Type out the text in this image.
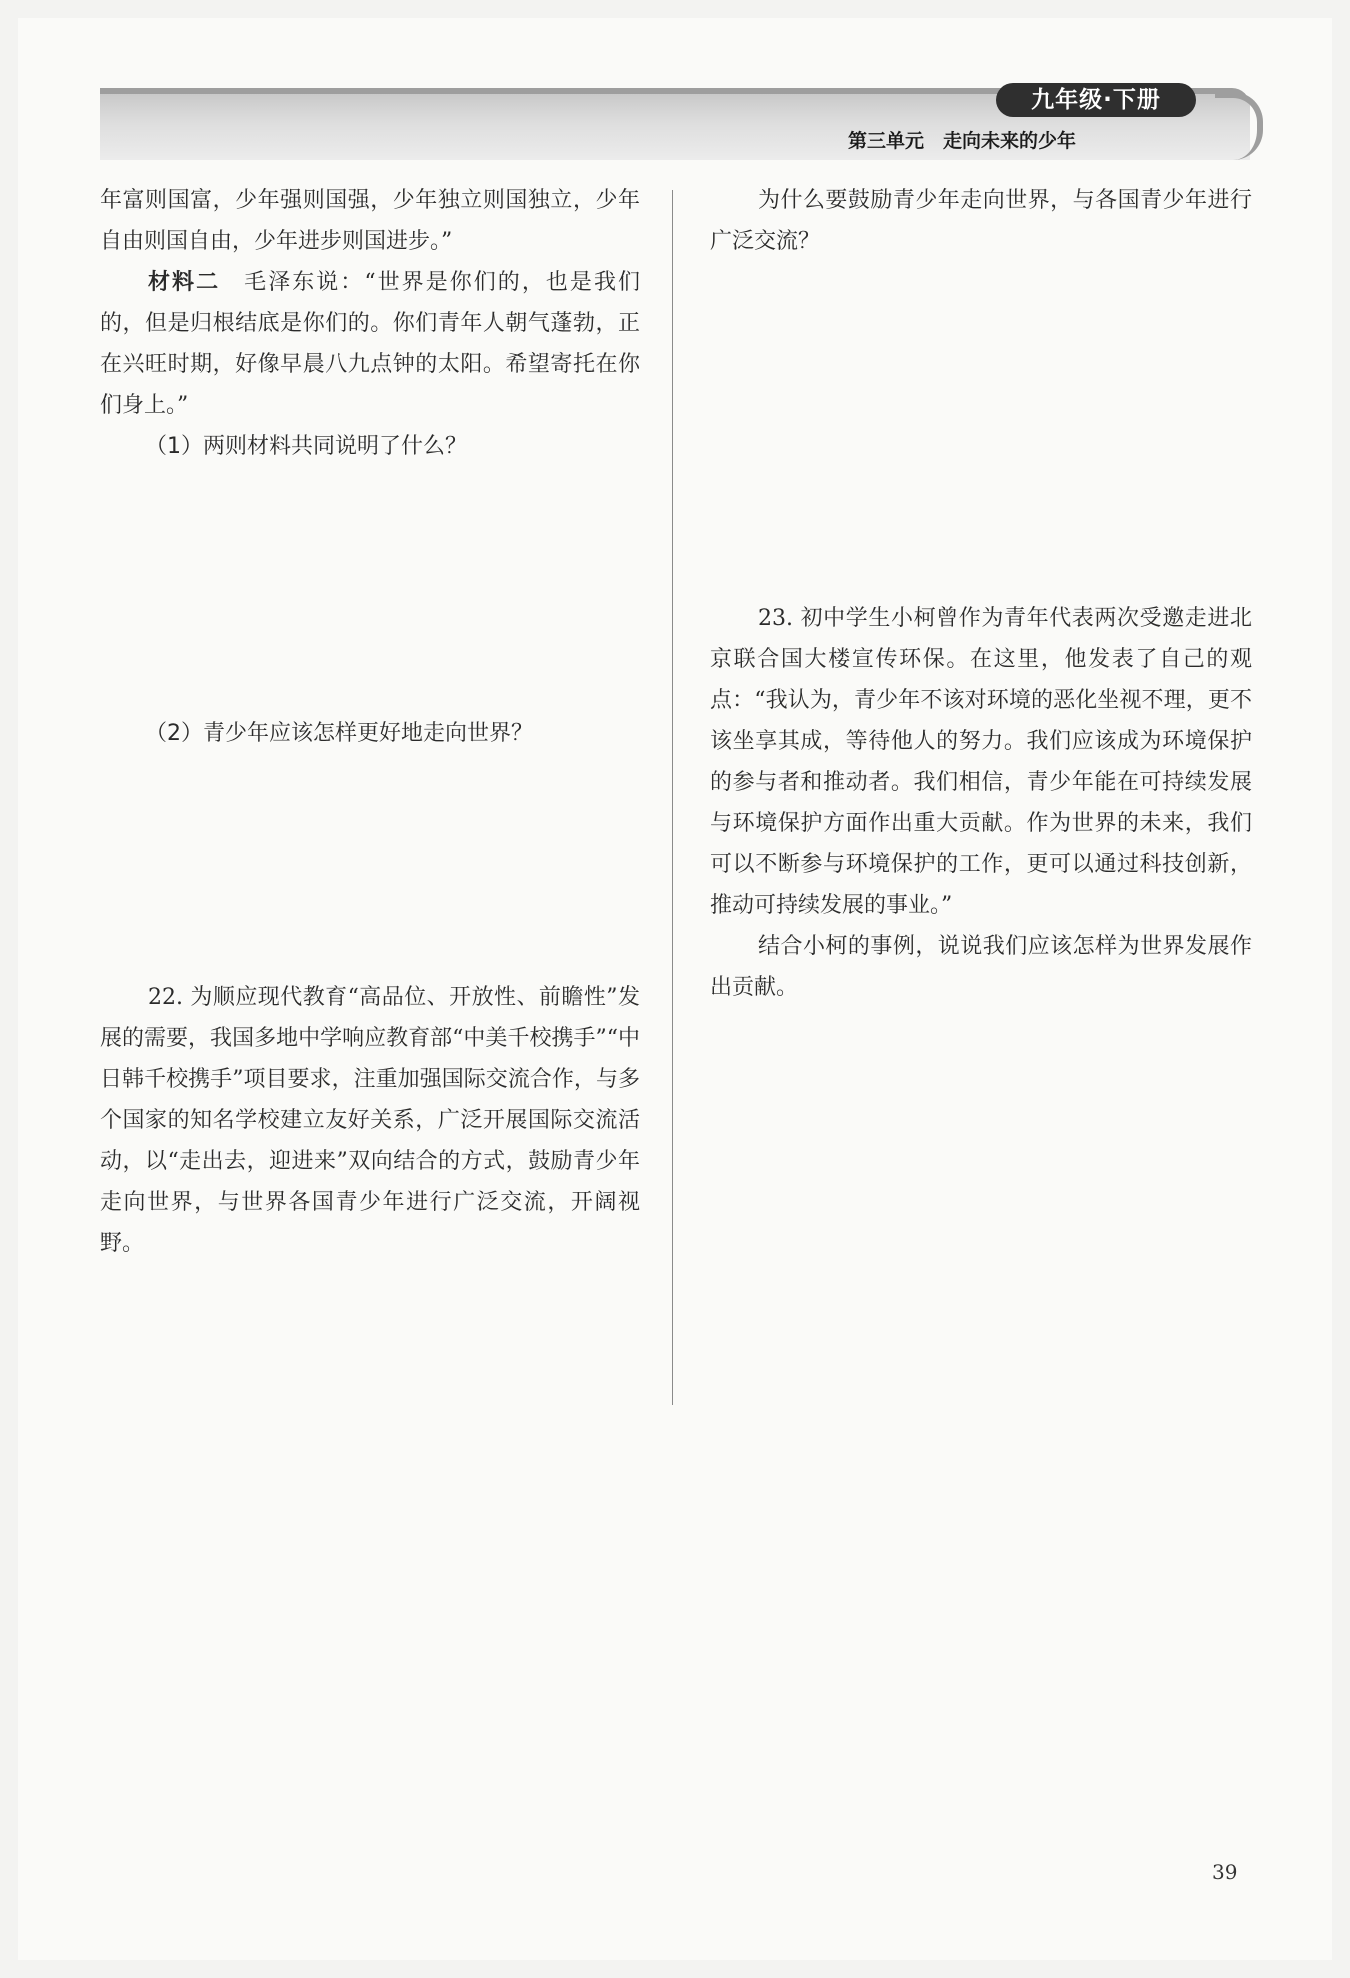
九年级·下册
第三单元　走向未来的少年

年富则国富，少年强则国强，少年独立则国独立，少年自由则国自由，少年进步则国进步。”

材料二　 毛泽东说：“世界是你们的，也是我们的，但是归根结底是你们的。你们青年人朝气蓬勃，正在兴旺时期，好像早晨八九点钟的太阳。希望寄托在你们身上。”

（1）两则材料共同说明了什么？

（2）青少年应该怎样更好地走向世界？

22. 为顺应现代教育“高品位、开放性、前瞻性”发展的需要，我国多地中学响应教育部“中美千校携手”“中日韩千校携手”项目要求，注重加强国际交流合作，与多个国家的知名学校建立友好关系，广泛开展国际交流活动，以“走出去，迎进来”双向结合的方式，鼓励青少年走向世界，与世界各国青少年进行广泛交流，开阔视野。

为什么要鼓励青少年走向世界，与各国青少年进行广泛交流？

23. 初中学生小柯曾作为青年代表两次受邀走进北京联合国大楼宣传环保。在这里，他发表了自己的观点：“我认为，青少年不该对环境的恶化坐视不理，更不该坐享其成，等待他人的努力。我们应该成为环境保护的参与者和推动者。我们相信，青少年能在可持续发展与环境保护方面作出重大贡献。作为世界的未来，我们可以不断参与环境保护的工作，更可以通过科技创新，推动可持续发展的事业。”

结合小柯的事例，说说我们应该怎样为世界发展作出贡献。

39
